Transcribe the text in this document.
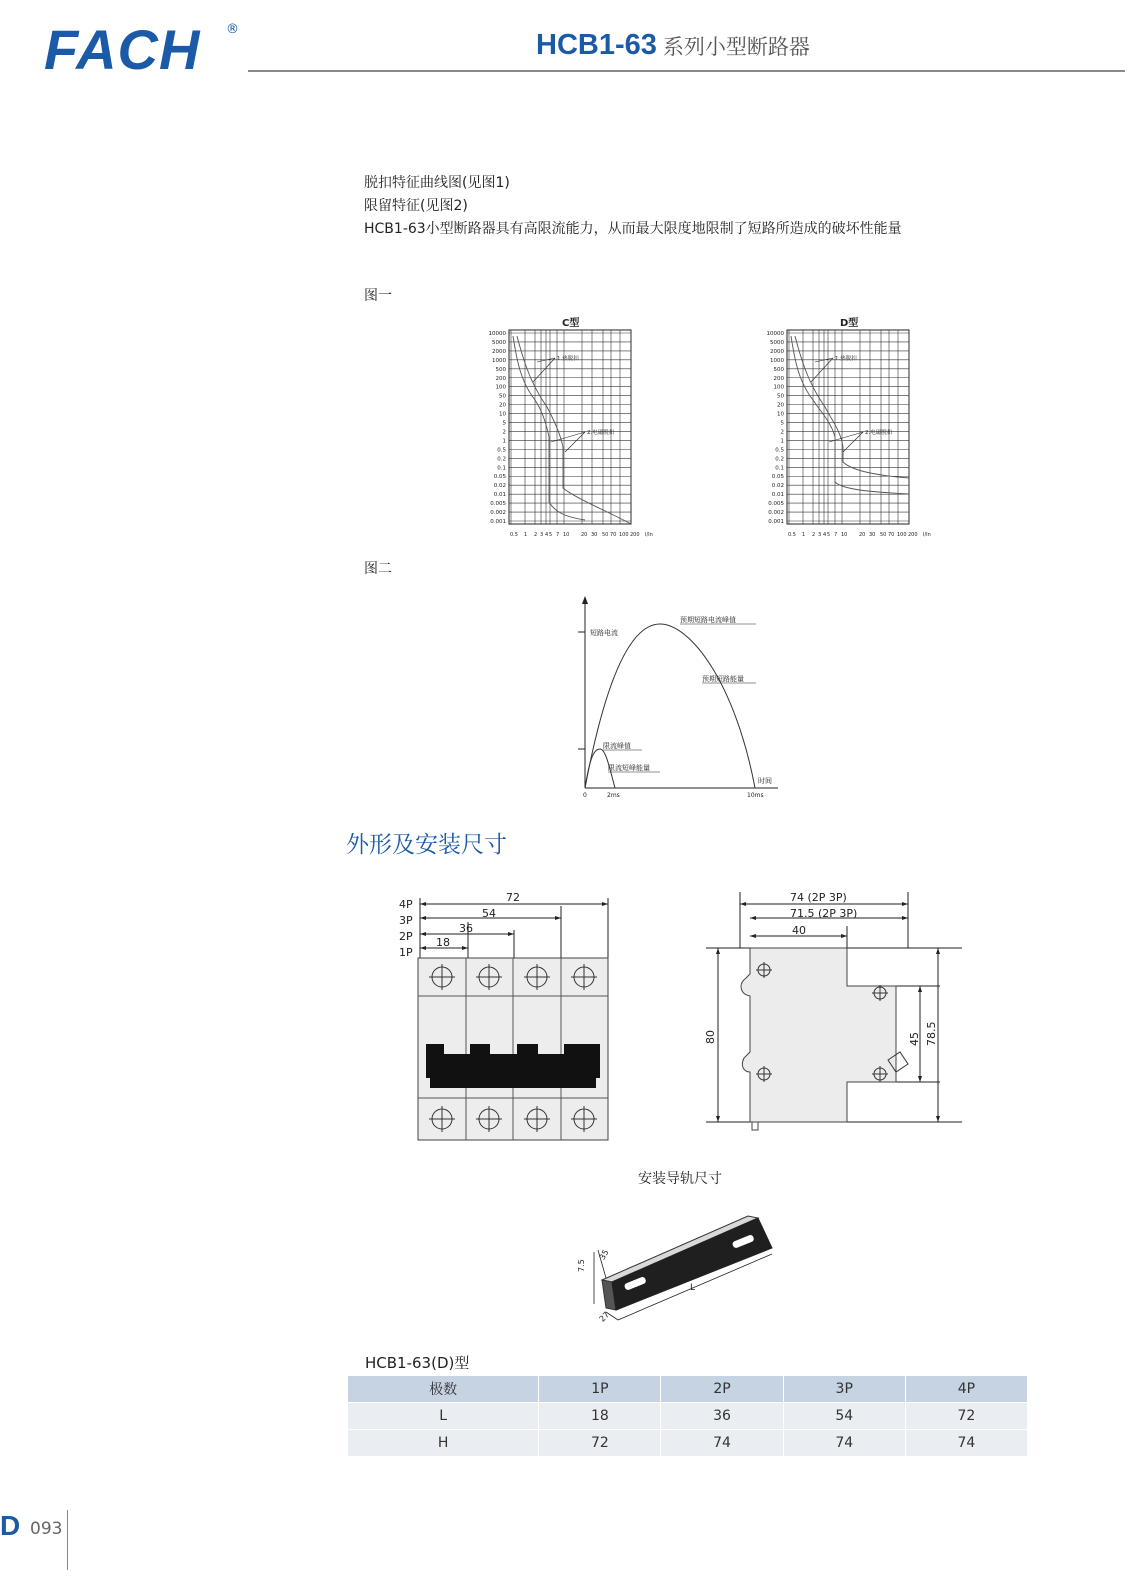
FACH ®	HCB1-63 系列小型断路器
脱扣特征曲线图(见图1)
限留特征(见图2)
HCB1-63小型断路器具有高限流能力，从而最大限度地限制了短路所造成的破坏性能量
图一
10000
5000
2000
1000
500
200
100
50
20
10
5
2
1
0.5
0.2
0.1
0.05
0.02
0.01
0.005
0.002
0.001
0.5 1 2 3 4 5 7 10 20 30 50 70 100 200 I/In
C型
1.热脱扣
2.电磁脱扣
10000
5000
2000
1000
500
200
100
50
20
10
5
2
1
0.5
0.2
0.1
0.05
0.02
0.01
0.005
0.002
0.001
0.5 1 2 3 4 5 7 10 20 30 50 70 100 200 I/In
D型
1.热脱扣
2.电磁脱扣
图二
短路电流
预期短路电流峰值
预期短路能量
限流峰值
限流短峰能量
时间
0	2ms	10ms
外形及安装尺寸
72
54
36
18
4P
3P
2P
1P
74 (2P 3P)
71.5 (2P 3P)
40
80	45 78.5
安装导轨尺寸
35
7.5
27
L
HCB1-63(D)型
极数	1P	2P	3P	4P
L	18	36	54	72
H	72	74	74	74
D 093
